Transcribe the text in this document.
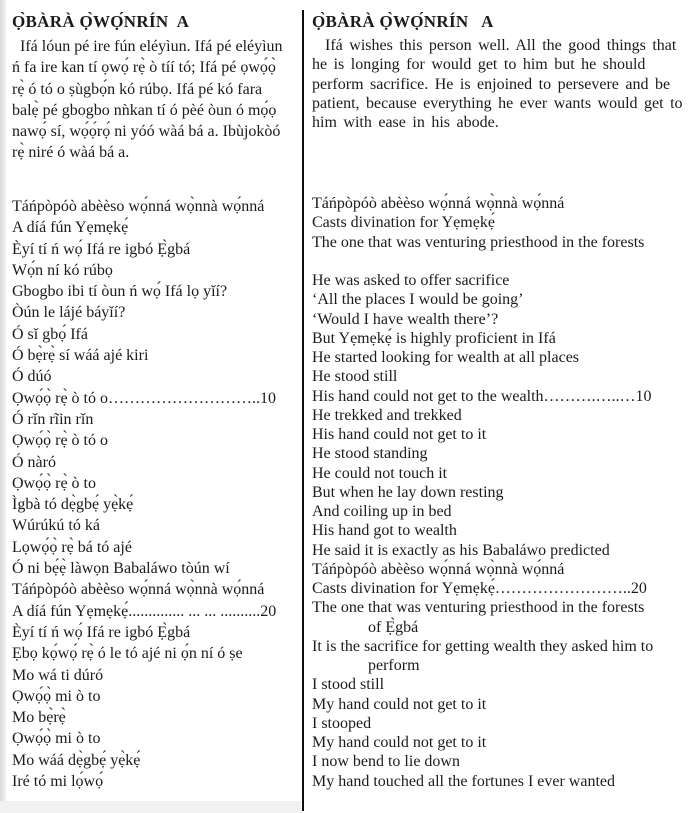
Ọ̀BÀRÀ Ọ̀WỌ́NRÍN  A
Ifá lóun pé ire fún eléyìun. Ifá pé eléyìun
ń fa ire kan tí ọwọ́ rẹ̀ ò tíí tó; Ifá pé ọwọ́ọ̀
rẹ̀ ó tó o ṣùgbọ́n kó rúbọ. Ifá pé kó fara
balẹ̀ pé gbogbo nǹkan tí ó pèé òun ó mọ́ọ
nawọ́ sí, wọ́ọ́rọ́ ni yóó wàá bá a. Ibùjokòó
rẹ̀ niré ó wàá bá a.
Táńpòpóò abèèso wọ́nná wọ̀nnà wọ́nná
A díá fún Yẹmẹkẹ́
Èyí tí ń wọ́ Ifá re igbó Ẹ̀gbá
Wọ́n ní kó rúbọ
Gbogbo ibi tí òun ń wọ́ Ifá lọ yǐí?
Òún le lájé báyǐí?
Ó sǐ gbọ́ Ifá
Ó bẹ̀rẹ̀ sí wáá ajé kiri
Ó dúó
Ọwọ́ọ̀ rẹ̀ ò tó o………………………..10
Ó rǐn rĩin rǐn
Ọwọ́ọ̀ rẹ̀ ò tó o
Ó nàró
Ọwọ́ọ̀ rẹ̀ ò to
Ìgbà tó dẹ̀gbẹ́ yẹ̀kẹ́
Wúrúkú tó ká
Lọwọ́ọ̀ rẹ̀ bá tó ajé
Ó ni bẹ́ẹ̀ làwọn Babaláwo tòún wí
Táńpòpóò abèèso wọ́nná wọ̀nnà wọ́nná
A díá fún Yẹmẹkẹ́.............. ... ... ..........20
Èyí tí ń wọ́ Ifá re igbó Ẹ̀gbá
Ẹbọ kọ́wọ́ rẹ̀ ó le tó ajé ni ọ́n ní ó ṣe
Mo wá ti dúró
Ọwọ́ọ̀ mi ò to
Mo bẹ̀rẹ̀
Ọwọ́ọ̀ mi ò to
Mo wáá dẹ̀gbẹ́ yẹ̀kẹ́
Iré tó mi lọ́wọ́
Ọ̀BÀRÀ Ọ̀WỌ́NRÍN   A
Ifá wishes this person well. All the good things that
he is longing for would get to him but he should
perform sacrifice. He is enjoined to persevere and be
patient, because everything he ever wants would get to
him with ease in his abode.
Táńpòpóò abèèso wọ́nná wọ̀nnà wọ́nná
Casts divination for Yẹmẹkẹ́
The one that was venturing priesthood in the forests

He was asked to offer sacrifice
‘All the places I would be going’
‘Would I have wealth there’?
But Yẹmẹkẹ́ is highly proficient in Ifá
He started looking for wealth at all places
He stood still
His hand could not get to the wealth……….…..…10
He trekked and trekked
His hand could not get to it
He stood standing
He could not touch it
But when he lay down resting
And coiling up in bed
His hand got to wealth
He said it is exactly as his Babaláwo predicted
Táńpòpóò abèèso wọ́nná wọ̀nnà wọ́nná
Casts divination for Yẹmẹkẹ́……………………..20
The one that was venturing priesthood in the forests
of Ẹ̀gbá
It is the sacrifice for getting wealth they asked him to
perform
I stood still
My hand could not get to it
I stooped
My hand could not get to it
I now bend to lie down
My hand touched all the fortunes I ever wanted
